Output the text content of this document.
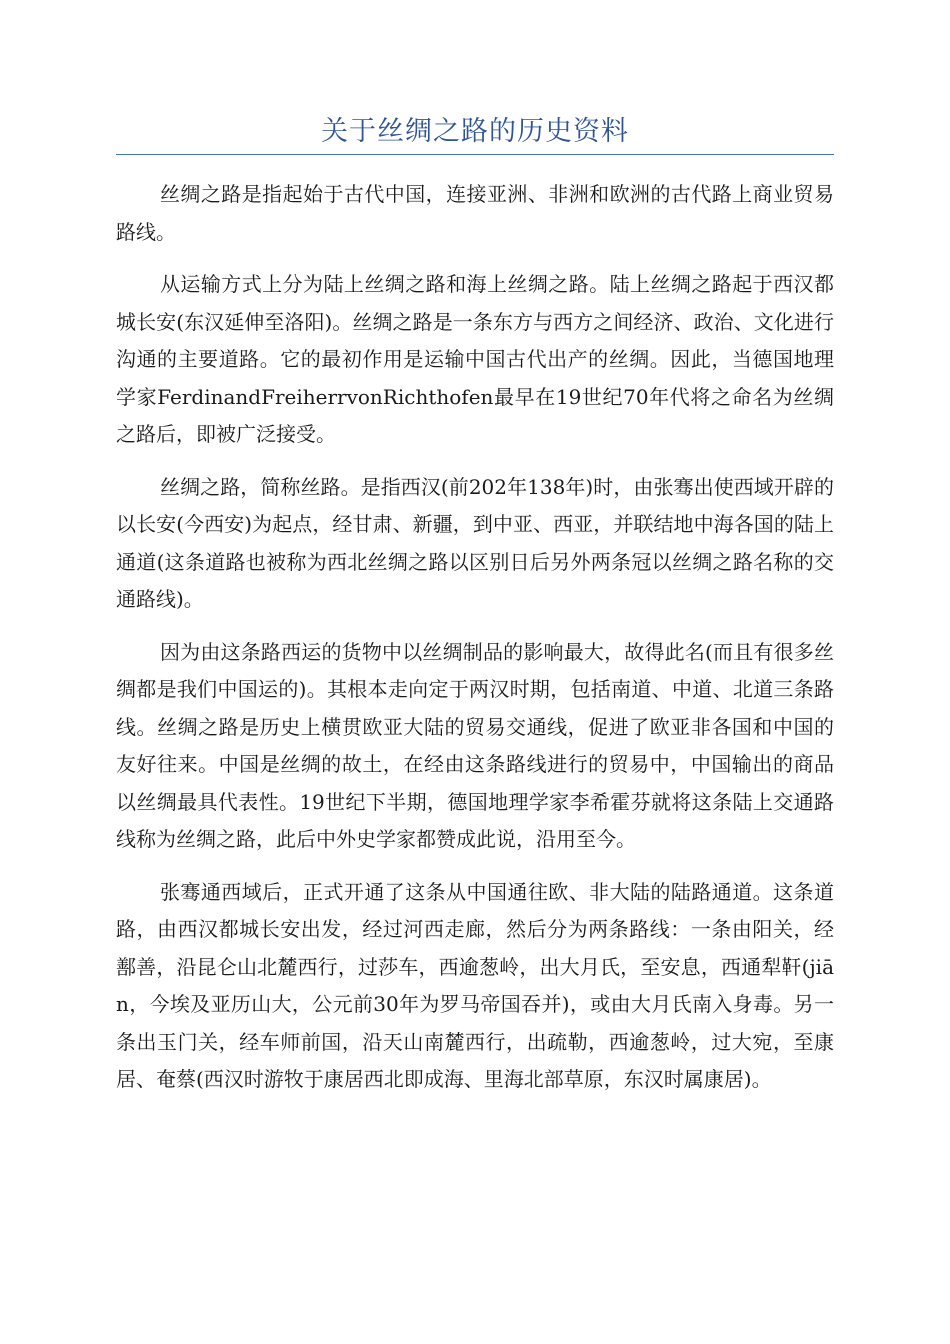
关于丝绸之路的历史资料

丝绸之路是指起始于古代中国，连接亚洲、非洲和欧洲的古代路上商业贸易路线。

从运输方式上分为陆上丝绸之路和海上丝绸之路。陆上丝绸之路起于西汉都城长安(东汉延伸至洛阳)。丝绸之路是一条东方与西方之间经济、政治、文化进行沟通的主要道路。它的最初作用是运输中国古代出产的丝绸。因此，当德国地理学家FerdinandFreiherrvonRichthofen最早在19世纪70年代将之命名为丝绸之路后，即被广泛接受。

丝绸之路，简称丝路。是指西汉(前202年138年)时，由张骞出使西域开辟的以长安(今西安)为起点，经甘肃、新疆，到中亚、西亚，并联结地中海各国的陆上通道(这条道路也被称为西北丝绸之路以区别日后另外两条冠以丝绸之路名称的交通路线)。

因为由这条路西运的货物中以丝绸制品的影响最大，故得此名(而且有很多丝绸都是我们中国运的)。其根本走向定于两汉时期，包括南道、中道、北道三条路线。丝绸之路是历史上横贯欧亚大陆的贸易交通线，促进了欧亚非各国和中国的友好往来。中国是丝绸的故土，在经由这条路线进行的贸易中，中国输出的商品以丝绸最具代表性。19世纪下半期，德国地理学家李希霍芬就将这条陆上交通路线称为丝绸之路，此后中外史学家都赞成此说，沿用至今。

张骞通西域后，正式开通了这条从中国通往欧、非大陆的陆路通道。这条道路，由西汉都城长安出发，经过河西走廊，然后分为两条路线：一条由阳关，经鄯善，沿昆仑山北麓西行，过莎车，西逾葱岭，出大月氏，至安息，西通犁靬(jiān，今埃及亚历山大，公元前30年为罗马帝国吞并)，或由大月氏南入身毒。另一条出玉门关，经车师前国，沿天山南麓西行，出疏勒，西逾葱岭，过大宛，至康居、奄蔡(西汉时游牧于康居西北即成海、里海北部草原，东汉时属康居)。
